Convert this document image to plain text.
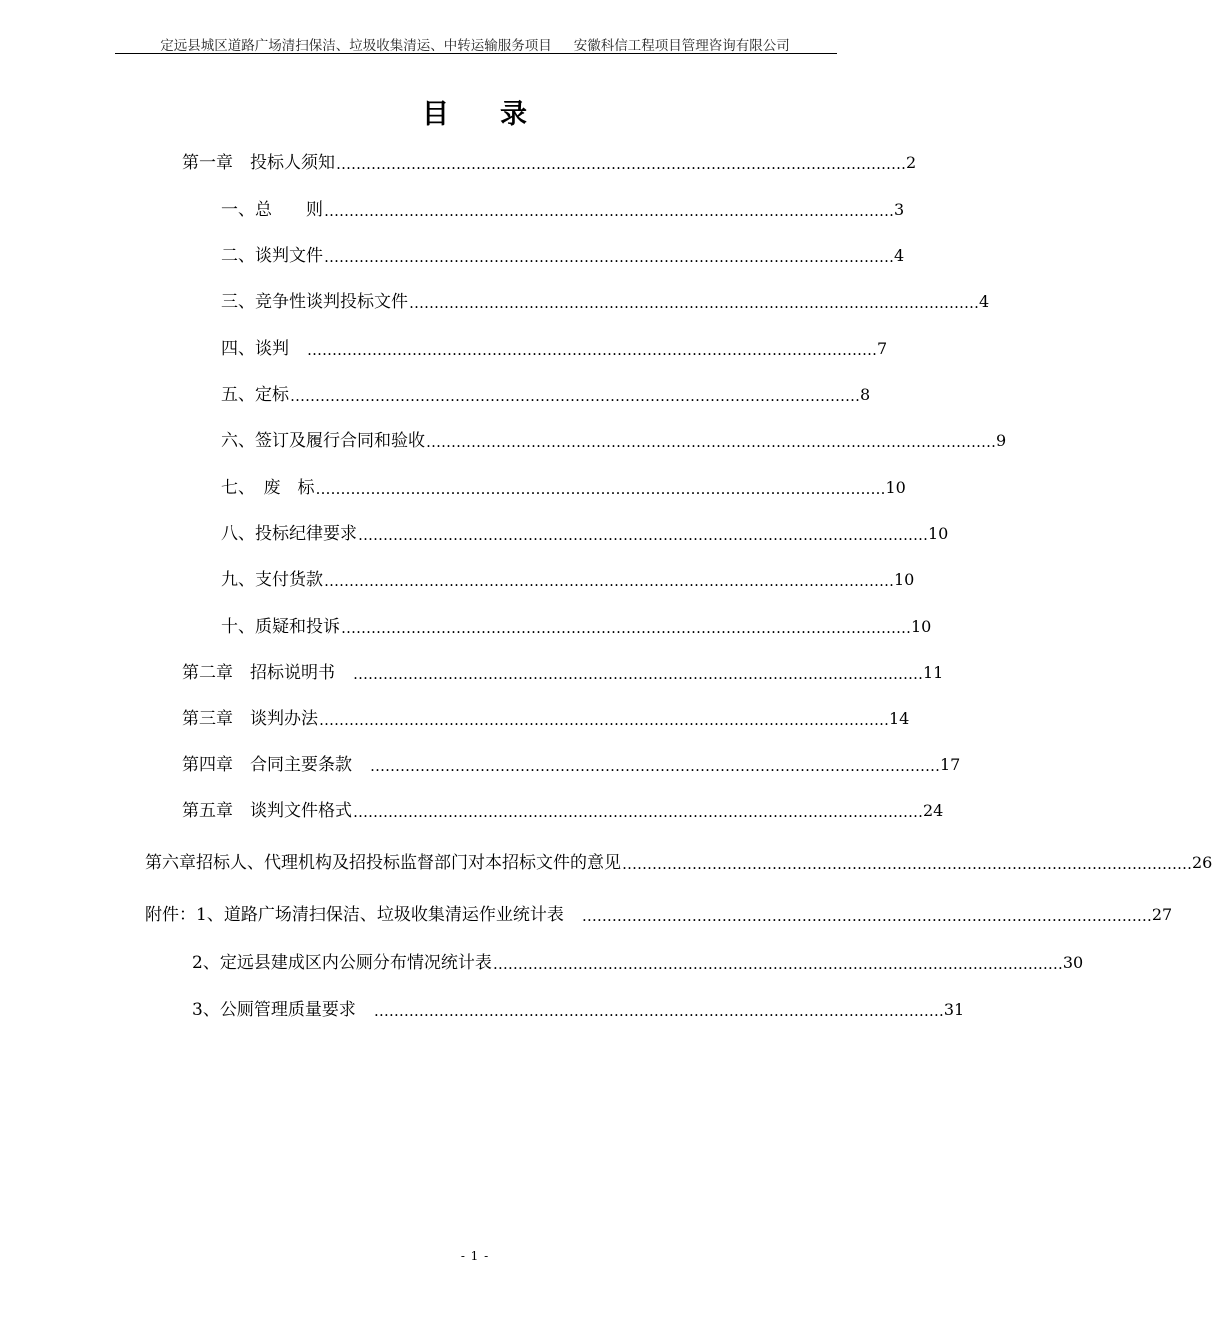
定远县城区道路广场清扫保洁、垃圾收集清运、中转运输服务项目 安徽科信工程项目管理咨询有限公司
目 录
第一章　投标人须知 …………………………………………………………………………………………………… 2
一、总　　则 …………………………………………………………………………………………………… 3
二、谈判文件 …………………………………………………………………………………………………… 4
三、竞争性谈判投标文件 …………………………………………………………………………………………………… 4
四、谈判　 …………………………………………………………………………………………………… 7
五、定标 …………………………………………………………………………………………………… 8
六、签订及履行合同和验收 …………………………………………………………………………………………………… 9
七、　废　标 …………………………………………………………………………………………………… 10
八、投标纪律要求 …………………………………………………………………………………………………… 10
九、支付货款 …………………………………………………………………………………………………… 10
十、质疑和投诉 …………………………………………………………………………………………………… 10
第二章　招标说明书　 …………………………………………………………………………………………………… 11
第三章　谈判办法 …………………………………………………………………………………………………… 14
第四章　合同主要条款　 …………………………………………………………………………………………………… 17
第五章　谈判文件格式 …………………………………………………………………………………………………… 24
第六章招标人、代理机构及招投标监督部门对本招标文件的意见 …………………………………………………………………………………………………… 26
附件：1、道路广场清扫保洁、垃圾收集清运作业统计表　 …………………………………………………………………………………………………… 27
2、定远县建成区内公厕分布情况统计表 …………………………………………………………………………………………………… 30
3、公厕管理质量要求　 …………………………………………………………………………………………………… 31
- 1 -
